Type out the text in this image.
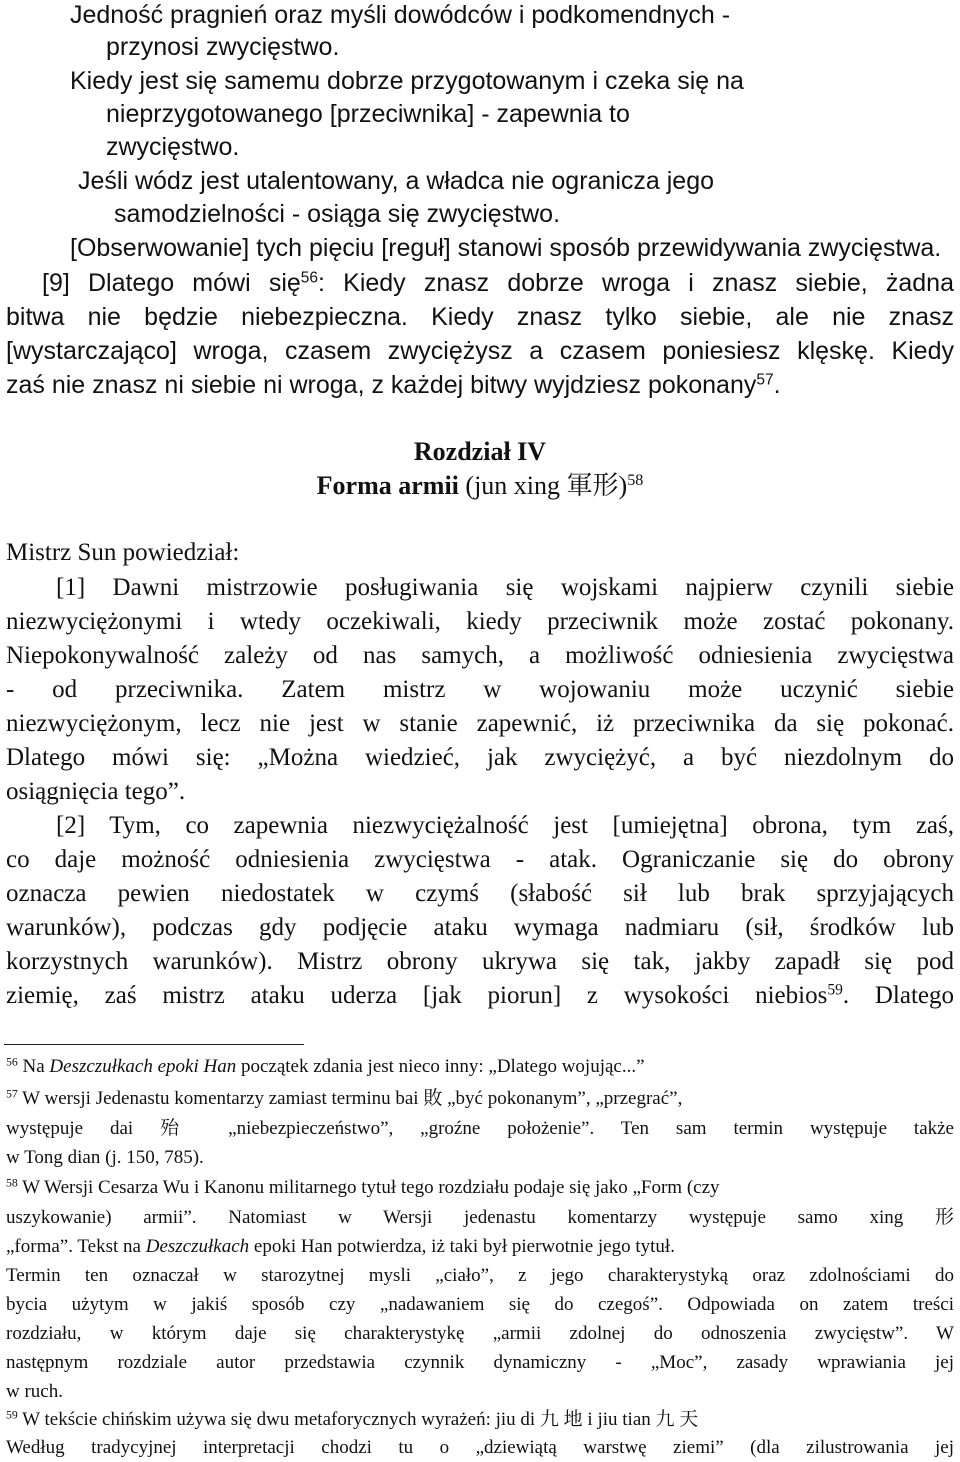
Jedność pragnień oraz myśli dowódców i podkomendnych -
przynosi zwycięstwo.
Kiedy jest się samemu dobrze przygotowanym i czeka się na
nieprzygotowanego [przeciwnika] - zapewnia to
zwycięstwo.
Jeśli wódz jest utalentowany, a władca nie ogranicza jego
samodzielności - osiąga się zwycięstwo.
[Obserwowanie] tych pięciu [reguł] stanowi sposób przewidywania zwycięstwa.
[9] Dlatego mówi się$^{56}$: Kiedy znasz dobrze wroga i znasz siebie, żadna
bitwa nie będzie niebezpieczna. Kiedy znasz tylko siebie, ale nie znasz
[wystarczająco] wroga, czasem zwyciężysz a czasem poniesiesz klęskę. Kiedy
zaś nie znasz ni siebie ni wroga, z każdej bitwy wyjdziesz pokonany$^{57}$.
Rozdział IV
Forma armii (jun xing 軍形)$^{58}$
Mistrz Sun powiedział:
[1] Dawni mistrzowie posługiwania się wojskami najpierw czynili siebie
niezwyciężonymi i wtedy oczekiwali, kiedy przeciwnik może zostać pokonany.
Niepokonywalność zależy od nas samych, a możliwość odniesienia zwycięstwa
- od przeciwnika. Zatem mistrz w wojowaniu może uczynić siebie
niezwyciężonym, lecz nie jest w stanie zapewnić, iż przeciwnika da się pokonać.
Dlatego mówi się: „Można wiedzieć, jak zwyciężyć, a być niezdolnym do
osiągnięcia tego”.
[2] Tym, co zapewnia niezwyciężalność jest [umiejętna] obrona, tym zaś,
co daje możność odniesienia zwycięstwa - atak. Ograniczanie się do obrony
oznacza pewien niedostatek w czymś (słabość sił lub brak sprzyjających
warunków), podczas gdy podjęcie ataku wymaga nadmiaru (sił, środków lub
korzystnych warunków). Mistrz obrony ukrywa się tak, jakby zapadł się pod
ziemię, zaś mistrz ataku uderza [jak piorun] z wysokości niebios$^{59}$. Dlatego
$^{56}$ Na Deszczułkach epoki Han początek zdania jest nieco inny: „Dlatego wojując...”
$^{57}$ W wersji Jedenastu komentarzy zamiast terminu bai 敗 „być pokonanym”, „przegrać”,
występuje dai 殆 „niebezpieczeństwo”, „groźne położenie”. Ten sam termin występuje także
w Tong dian (j. 150, 785).
$^{58}$ W Wersji Cesarza Wu i Kanonu militarnego tytuł tego rozdziału podaje się jako „Form (czy
uszykowanie) armii”. Natomiast w Wersji jedenastu komentarzy występuje samo xing 形
„forma”. Tekst na Deszczułkach epoki Han potwierdza, iż taki był pierwotnie jego tytuł.
Termin ten oznaczał w starozytnej mysli „ciało”, z jego charakterystyką oraz zdolnościami do
bycia użytym w jakiś sposób czy „nadawaniem się do czegoś”. Odpowiada on zatem treści
rozdziału, w którym daje się charakterystykę „armii zdolnej do odnoszenia zwycięstw”. W
następnym rozdziale autor przedstawia czynnik dynamiczny - „Moc”, zasady wprawiania jej
w ruch.
$^{59}$ W tekście chińskim używa się dwu metaforycznych wyrażeń: jiu di 九 地 i jiu tian 九 天
Według tradycyjnej interpretacji chodzi tu o „dziewiątą warstwę ziemi” (dla zilustrowania jej
